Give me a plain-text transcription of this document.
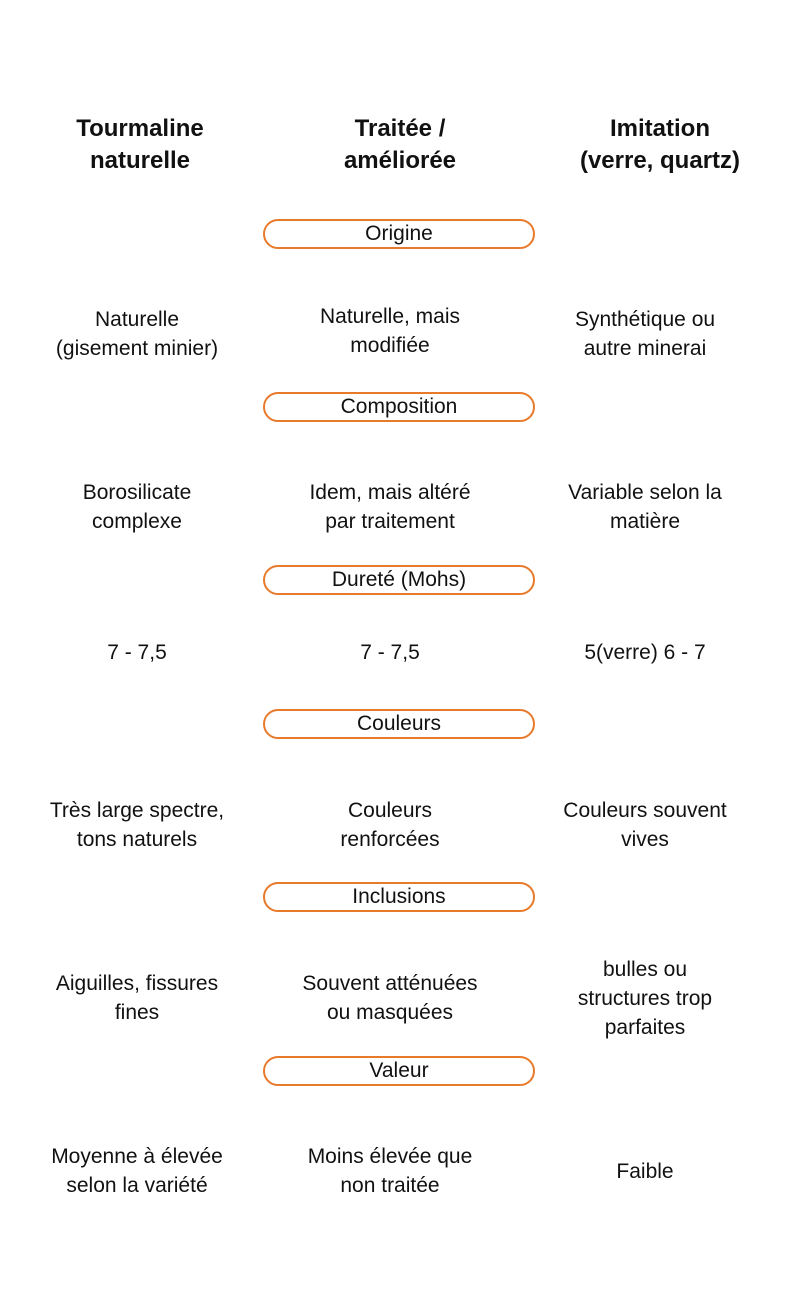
Tourmaline
naturelle
Traitée /
améliorée
Imitation
(verre, quartz)
Origine
Naturelle
(gisement minier)
Naturelle, mais
modifiée
Synthétique ou
autre minerai
Composition
Borosilicate
complexe
Idem, mais altéré
par traitement
Variable selon la
matière
Dureté (Mohs)
7 - 7,5	7 - 7,5	5(verre) 6 - 7
Couleurs
Très large spectre,
tons naturels
Couleurs
renforcées
Couleurs souvent
vives
Inclusions
Aiguilles, fissures
fines
Souvent atténuées
ou masquées
bulles ou
structures trop
parfaites
Valeur
Moyenne à élevée
selon la variété
Moins élevée que
non traitée
Faible
